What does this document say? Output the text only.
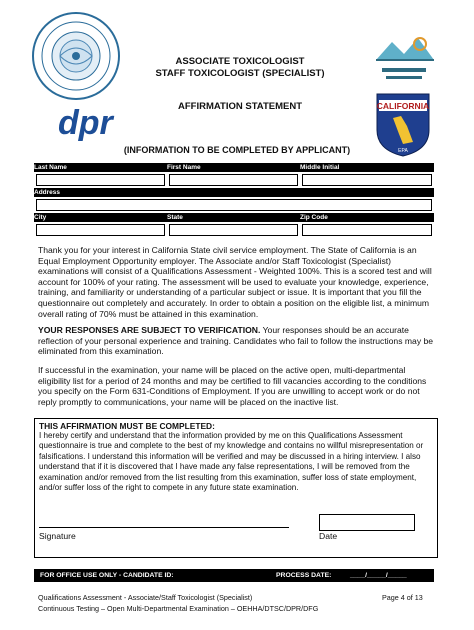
dpr	CALIFORNIA
EPA
ASSOCIATE TOXICOLOGIST
STAFF TOXICOLOGIST (SPECIALIST)
AFFIRMATION STATEMENT
(INFORMATION TO BE COMPLETED BY APPLICANT)
Last Name	First Name	Middle Initial

Address		

City	State	Zip Code

Thank you for your interest in California State civil service employment. The State of California is an Equal Employment Opportunity employer. The Associate and/or Staff Toxicologist (Specialist) examinations will consist of a Qualifications Assessment - Weighted 100%. This is a scored test and will account for 100% of your rating. The assessment will be used to evaluate your knowledge, experience, training, and familiarity or understanding of a particular subject or issue. It is important that you fill the questionnaire out completely and accurately. In order to obtain a position on the eligible list, a minimum overall rating of 70% must be attained in this examination.
YOUR RESPONSES ARE SUBJECT TO VERIFICATION. Your responses should be an accurate reflection of your personal experience and training. Candidates who fail to follow the instructions may be eliminated from this examination.
If successful in the examination, your name will be placed on the active open, multi-departmental eligibility list for a period of 24 months and may be certified to fill vacancies according to the conditions you specify on the Form 631-Conditions of Employment. If you are unwilling to accept work or do not reply promptly to communications, your name will be placed on the inactive list.
THIS AFFIRMATION MUST BE COMPLETED:
I hereby certify and understand that the information provided by me on this Qualifications Assessment questionnaire is true and complete to the best of my knowledge and contains no willful misrepresentation or falsifications. I understand this information will be verified and may be discussed in a hiring interview. I also understand that if it is discovered that I have made any false representations, I will be removed from the examination and/or removed from the list resulting from this examination, suffer loss of state employment, and/or suffer loss of the right to compete in any future state examination.
Signature	Date
FOR OFFICE USE ONLY - CANDIDATE ID:	PROCESS DATE:	____/_____/_____
Qualifications Assessment - Associate/Staff Toxicologist (Specialist)	Page 4 of 13
Continuous Testing – Open Multi-Departmental Examination – OEHHA/DTSC/DPR/DFG
